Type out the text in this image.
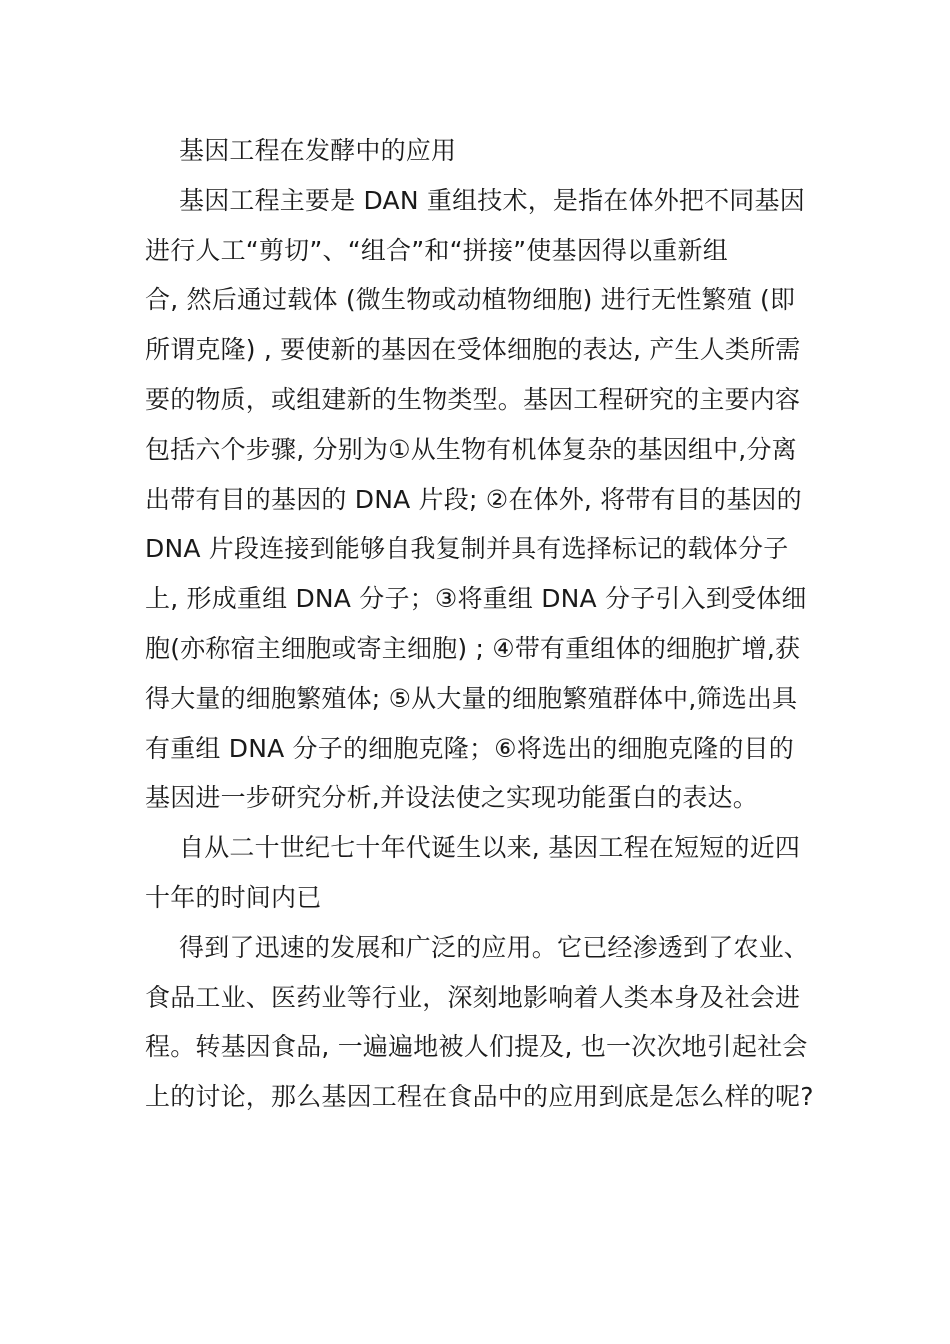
基因工程在发酵中的应用
基因工程主要是 DAN 重组技术，是指在体外把不同基因
进行人工“剪切”、“组合”和“拼接”使基因得以重新组
合, 然后通过载体 (微生物或动植物细胞) 进行无性繁殖 (即
所谓克隆) , 要使新的基因在受体细胞的表达, 产生人类所需
要的物质，或组建新的生物类型。基因工程研究的主要内容
包括六个步骤, 分别为①从生物有机体复杂的基因组中,分离
出带有目的基因的 DNA 片段; ②在体外, 将带有目的基因的
DNA 片段连接到能够自我复制并具有选择标记的载体分子
上, 形成重组 DNA 分子；③将重组 DNA 分子引入到受体细
胞(亦称宿主细胞或寄主细胞) ; ④带有重组体的细胞扩增,获
得大量的细胞繁殖体; ⑤从大量的细胞繁殖群体中,筛选出具
有重组 DNA 分子的细胞克隆；⑥将选出的细胞克隆的目的
基因进一步研究分析,并设法使之实现功能蛋白的表达。
自从二十世纪七十年代诞生以来, 基因工程在短短的近四
十年的时间内已
得到了迅速的发展和广泛的应用。它已经渗透到了农业、
食品工业、医药业等行业，深刻地影响着人类本身及社会进
程。转基因食品, 一遍遍地被人们提及, 也一次次地引起社会
上的讨论，那么基因工程在食品中的应用到底是怎么样的呢?
